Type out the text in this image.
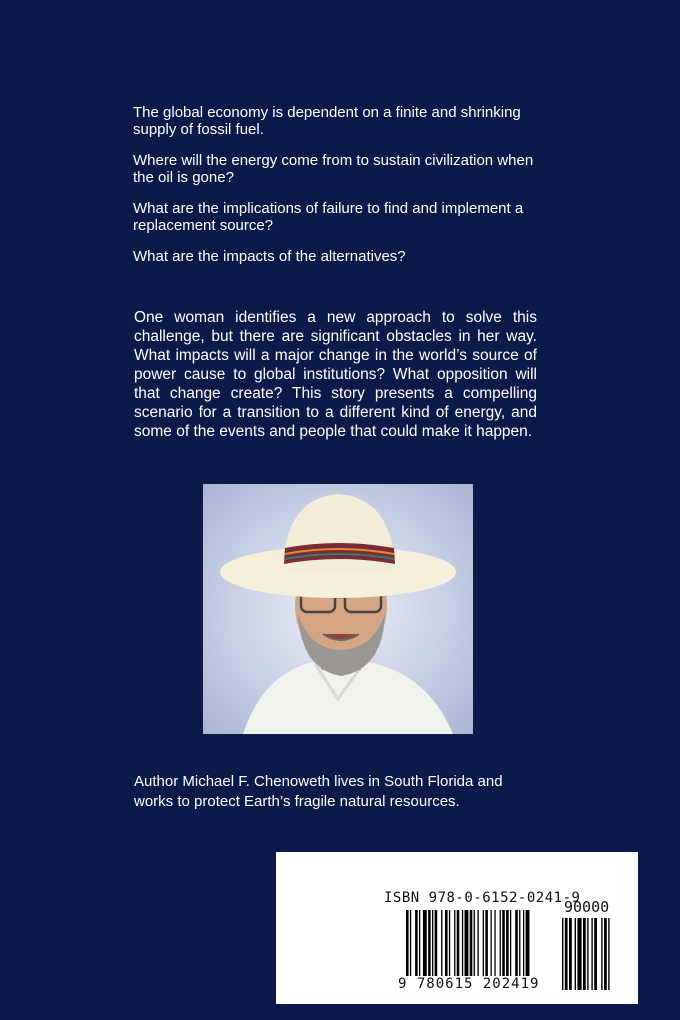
The global economy is dependent on a finite and shrinking supply of fossil fuel.

Where will the energy come from to sustain civilization when the oil is gone?

What are the implications of failure to find and implement a replacement source?

What are the impacts of the alternatives?

One woman identifies a new approach to solve this challenge, but there are significant obstacles in her way. What impacts will a major change in the world’s source of power cause to global institutions? What opposition will that change create? This story presents a compelling scenario for a transition to a different kind of energy, and some of the events and people that could make it happen.
Author Michael F. Chenoweth lives in South Florida and works to protect Earth’s fragile natural resources.
ISBN 978-0-6152-0241-9
90000
9 780615 202419
